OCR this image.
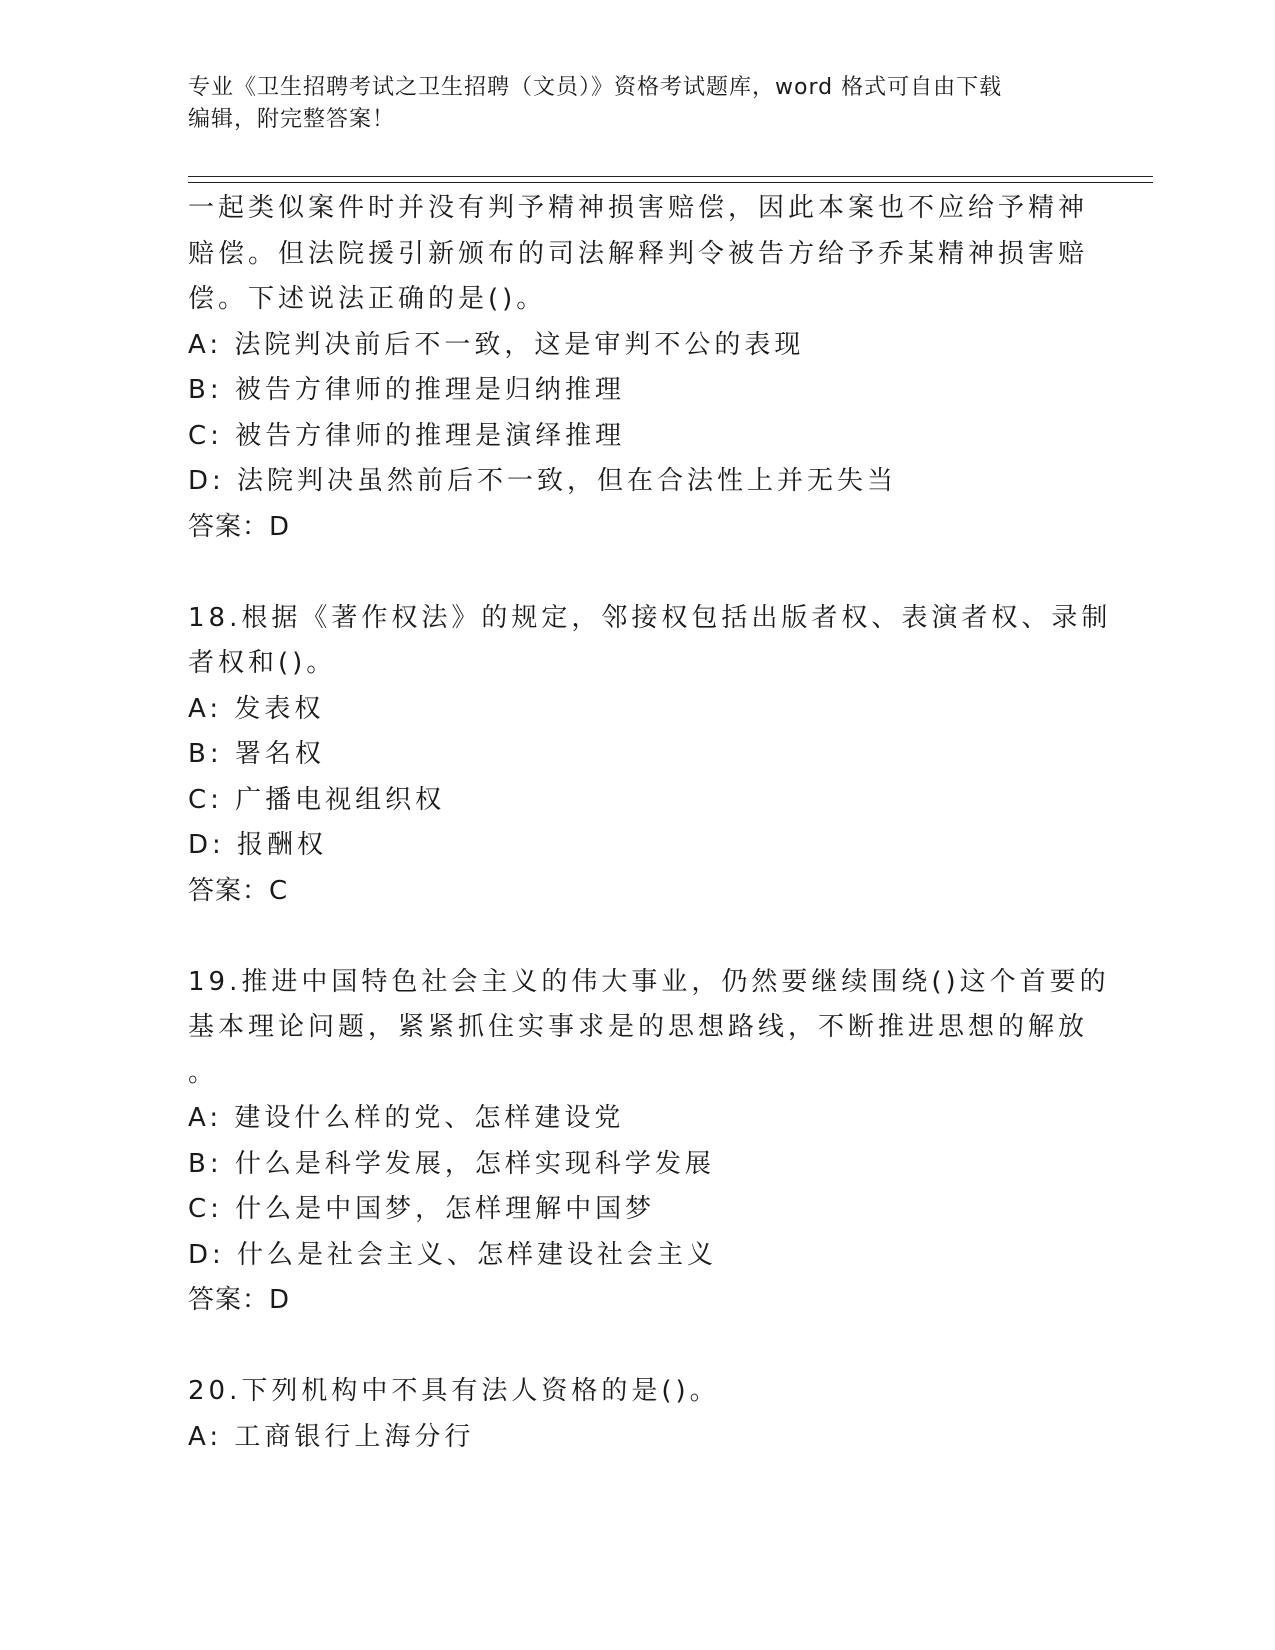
专业《卫生招聘考试之卫生招聘（文员）》资格考试题库，word 格式可自由下载
编辑，附完整答案！
一起类似案件时并没有判予精神损害赔偿，因此本案也不应给予精神
赔偿。但法院援引新颁布的司法解释判令被告方给予乔某精神损害赔
偿。下述说法正确的是()。
A: 法院判决前后不一致，这是审判不公的表现
B: 被告方律师的推理是归纳推理
C: 被告方律师的推理是演绎推理
D: 法院判决虽然前后不一致，但在合法性上并无失当
答案：D
18.根据《著作权法》的规定，邻接权包括出版者权、表演者权、录制
者权和()。
A: 发表权
B: 署名权
C: 广播电视组织权
D: 报酬权
答案：C
19.推进中国特色社会主义的伟大事业，仍然要继续围绕()这个首要的
基本理论问题，紧紧抓住实事求是的思想路线，不断推进思想的解放
。
A: 建设什么样的党、怎样建设党
B: 什么是科学发展，怎样实现科学发展
C: 什么是中国梦，怎样理解中国梦
D: 什么是社会主义、怎样建设社会主义
答案：D
20.下列机构中不具有法人资格的是()。
A: 工商银行上海分行
